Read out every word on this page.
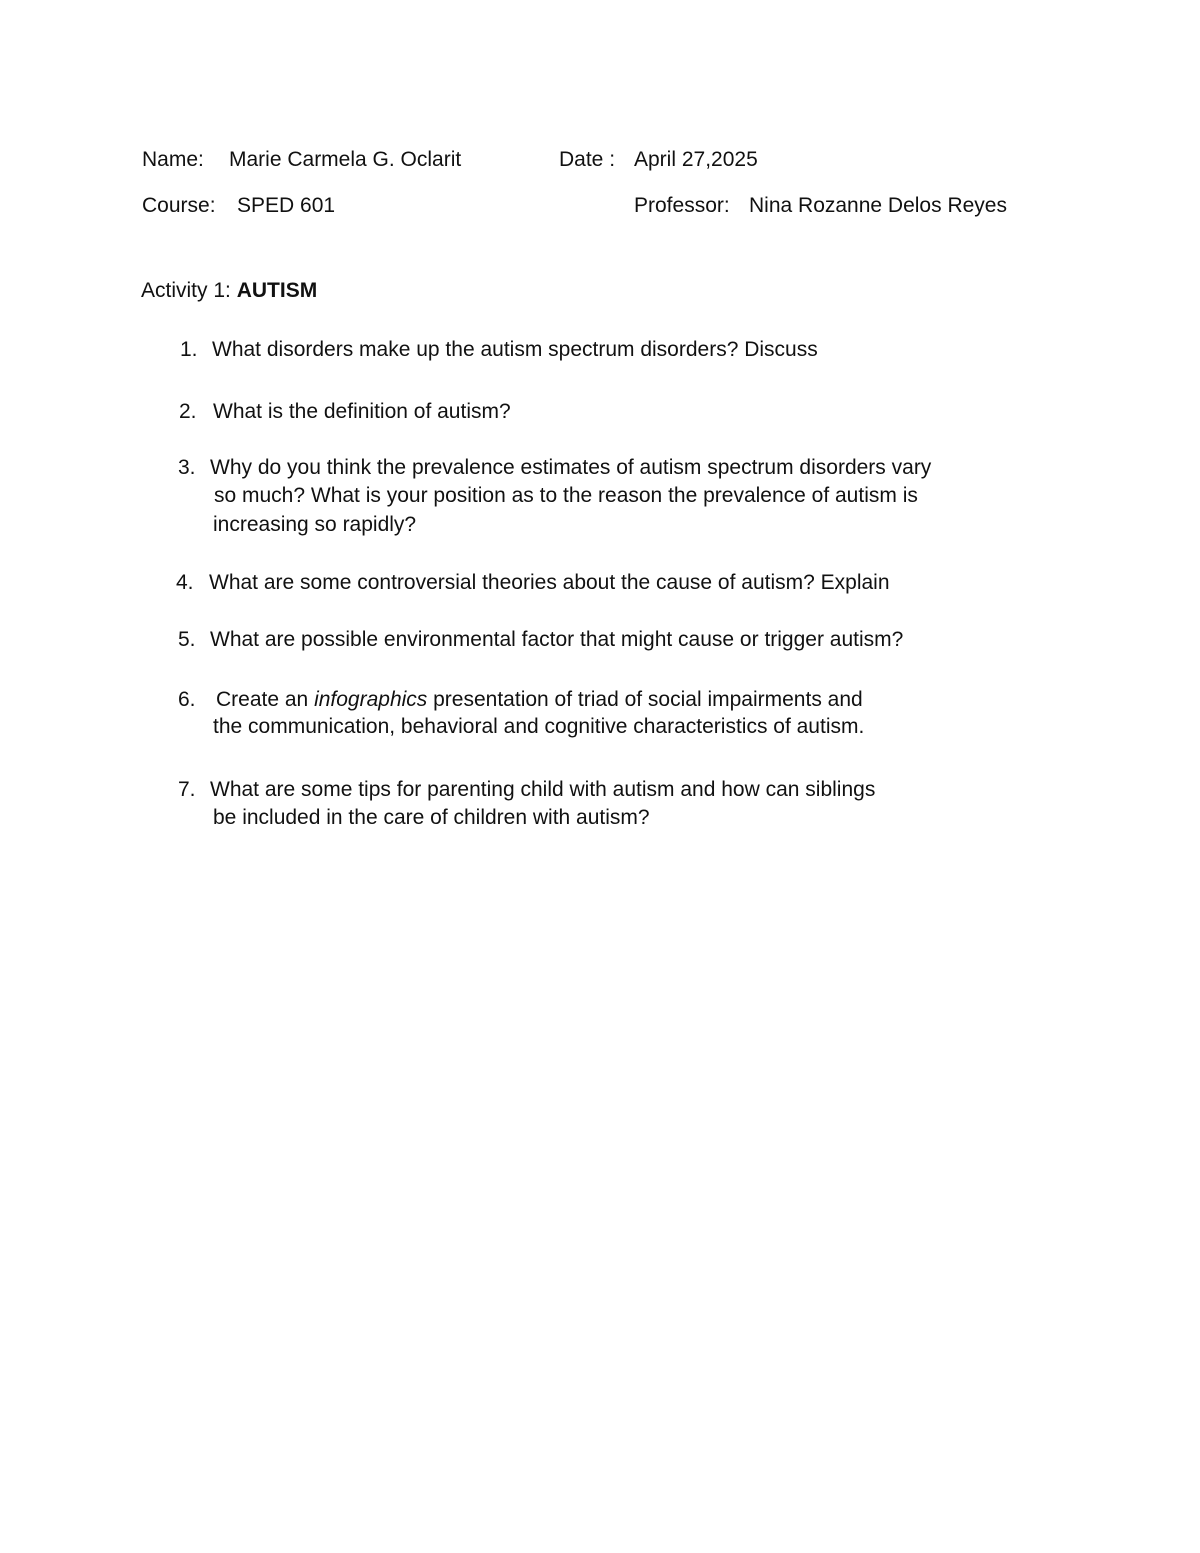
Name: Marie Carmela G. Oclarit	Date : April 27,2025
Course: SPED 601	Professor: Nina Rozanne Delos Reyes
Activity 1: AUTISM
1. What disorders make up the autism spectrum disorders? Discuss
2. What is the definition of autism?
3. Why do you think the prevalence estimates of autism spectrum disorders vary
so much? What is your position as to the reason the prevalence of autism is
increasing so rapidly?
4. What are some controversial theories about the cause of autism? Explain
5. What are possible environmental factor that might cause or trigger autism?
6. Create an infographics presentation of triad of social impairments and
the communication, behavioral and cognitive characteristics of autism.
7. What are some tips for parenting child with autism and how can siblings
be included in the care of children with autism?
